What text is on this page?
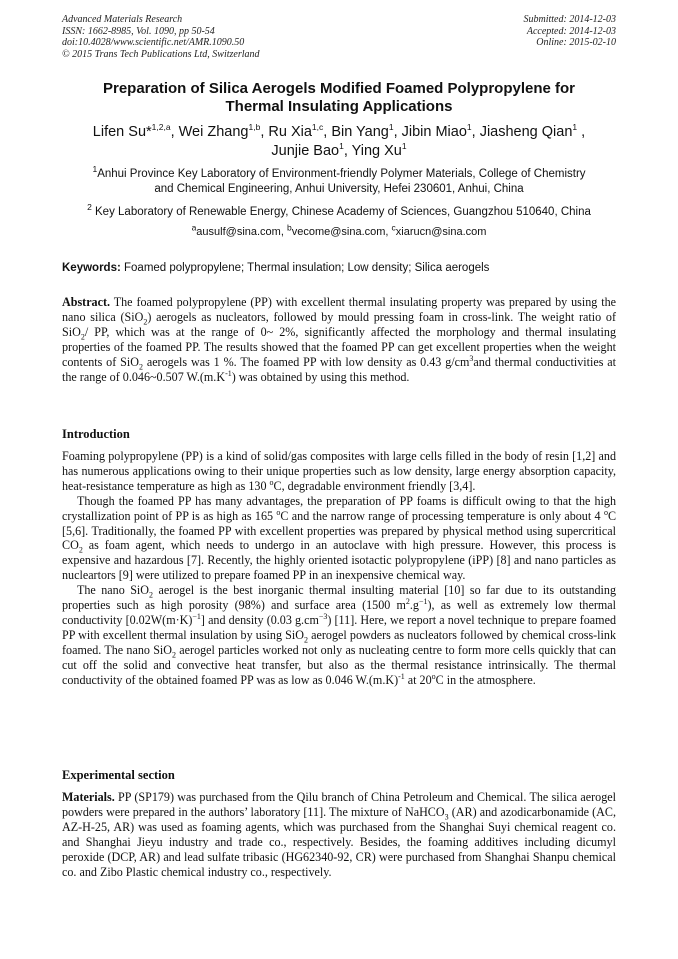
Advanced Materials Research
ISSN: 1662-8985, Vol. 1090, pp 50-54
doi:10.4028/www.scientific.net/AMR.1090.50
© 2015 Trans Tech Publications Ltd, Switzerland
Submitted: 2014-12-03
Accepted: 2014-12-03
Online: 2015-02-10
Preparation of Silica Aerogels Modified Foamed Polypropylene for
Thermal Insulating Applications
Lifen Su*$^{1,2,a}$, Wei Zhang$^{1,b}$, Ru Xia$^{1,c}$, Bin Yang$^1$, Jibin Miao$^1$, Jiasheng Qian$^1$ ,
Junjie Bao$^1$, Ying Xu$^1$
$^1$Anhui Province Key Laboratory of Environment-friendly Polymer Materials, College of Chemistry
and Chemical Engineering, Anhui University, Hefei 230601, Anhui, China
$^2$ Key Laboratory of Renewable Energy, Chinese Academy of Sciences, Guangzhou 510640, China
$^a$ausulf@sina.com, $^b$vecome@sina.com, $^c$xiarucn@sina.com
Keywords: Foamed polypropylene; Thermal insulation; Low density; Silica aerogels

Abstract. The foamed polypropylene (PP) with excellent thermal insulating property was prepared by using the nano silica (SiO$_2$) aerogels as nucleators, followed by mould pressing foam in cross-link. The weight ratio of SiO$_2$/ PP, which was at the range of 0~ 2%, significantly affected the morphology and thermal insulating properties of the foamed PP. The results showed that the foamed PP can get excellent properties when the weight contents of SiO$_2$ aerogels was 1 %. The foamed PP with low density as 0.43 $g/cm^3and$ thermal conductivities at the range of 0.046~0.507 $W.(m.K^{-1})$ was obtained by using this method.

Introduction

Foaming polypropylene (PP) is a kind of solid/gas composites with large cells filled in the body of resin [1,2] and has numerous applications owing to their unique properties such as low density, large energy absorption capacity, heat-resistance temperature as high as 130 $^o$C, degradable environment friendly [3,4].

Though the foamed PP has many advantages, the preparation of PP foams is difficult owing to that the high crystallization point of PP is as high as 165 $^o$C and the narrow range of processing temperature is only about 4 $^o$C [5,6]. Traditionally, the foamed PP with excellent properties was prepared by physical method using supercritical $CO_2$ as foam agent, which needs to undergo in an autoclave with high pressure. However, this process is expensive and hazardous [7]. Recently, the highly oriented isotactic polypropylene (iPP) [8] and nano particles as nucleartors [9] were utilized to prepare foamed PP in an inexpensive chemical way.

The nano SiO$_2$ aerogel is the best inorganic thermal insulting material [10] so far due to its outstanding properties such as high porosity (98%) and surface area (1500 $m^2.g^{-1}$), as well as extremely low thermal conductivity $[0.02W(m\cdot K)^{-1}]$ and density (0.03 $g.cm^{-3}$) [11]. Here, we report a novel technique to prepare foamed PP with excellent thermal insulation by using SiO$_2$ aerogel powders as nucleators followed by chemical cross-link foamed. The nano SiO$_2$ aerogel particles worked not only as nucleating centre to form more cells quickly that can cut off the solid and convective heat transfer, but also as the thermal resistance intrinsically. The thermal conductivity of the obtained foamed PP was as low as 0.046 $W.(m.K)^{-1}$ at 20$^o$C in the atmosphere.

Experimental section

Materials. PP (SP179) was purchased from the Qilu branch of China Petroleum and Chemical. The silica aerogel powders were prepared in the authors’ laboratory [11]. The mixture of NaHCO$_3$ (AR) and azodicarbonamide (AC, AZ-H-25, AR) was used as foaming agents, which was purchased from the Shanghai Suyi chemical reagent co. and Shanghai Jieyu industry and trade co., respectively. Besides, the foaming additives including dicumyl peroxide (DCP, AR) and lead sulfate tribasic (HG62340-92, CR) were purchased from Shanghai Shanpu chemical co. and Zibo Plastic chemical industry co., respectively.
